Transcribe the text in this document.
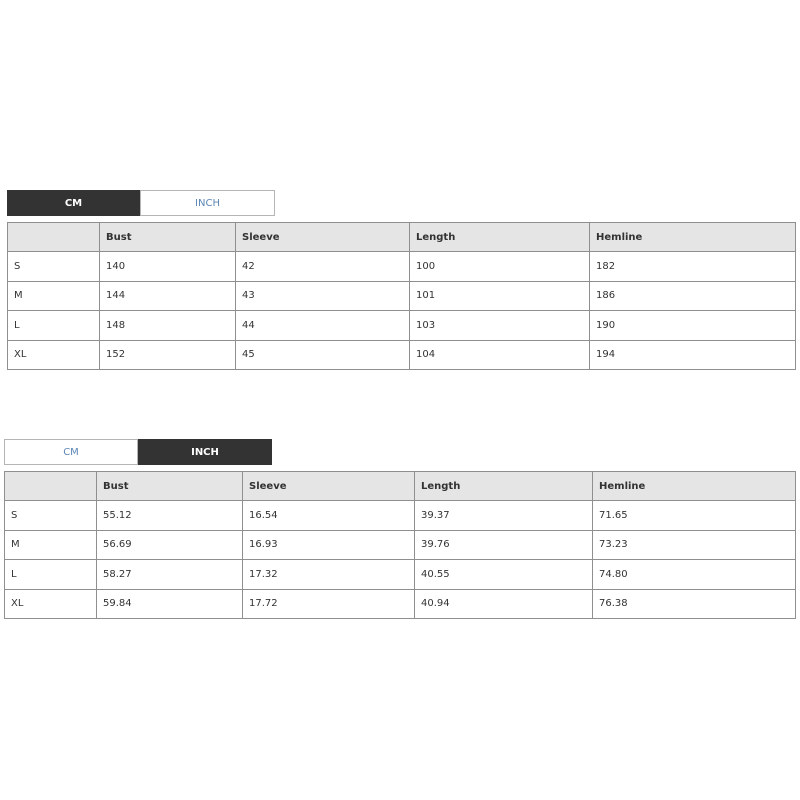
CM	INCH
	Bust	Sleeve	Length	Hemline
S	140	42	100	182
M	144	43	101	186
L	148	44	103	190
XL	152	45	104	194
CM	INCH
	Bust	Sleeve	Length	Hemline
S	55.12	16.54	39.37	71.65
M	56.69	16.93	39.76	73.23
L	58.27	17.32	40.55	74.80
XL	59.84	17.72	40.94	76.38
